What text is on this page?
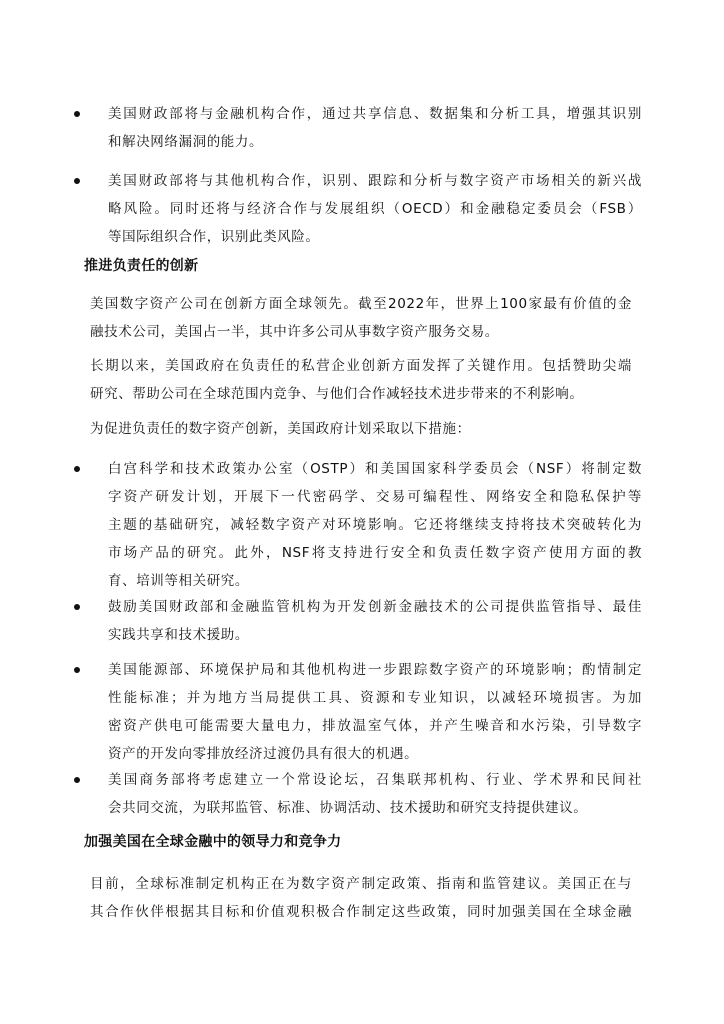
美国财政部将与金融机构合作，通过共享信息、数据集和分析工具，增强其识别
和解决网络漏洞的能力。
美国财政部将与其他机构合作，识别、跟踪和分析与数字资产市场相关的新兴战
略风险。同时还将与经济合作与发展组织（OECD）和金融稳定委员会（FSB）
等国际组织合作，识别此类风险。
推进负责任的创新
美国数字资产公司在创新方面全球领先。截至2022年，世界上100家最有价值的金
融技术公司，美国占一半，其中许多公司从事数字资产服务交易。
长期以来，美国政府在负责任的私营企业创新方面发挥了关键作用。包括赞助尖端
研究、帮助公司在全球范围内竞争、与他们合作减轻技术进步带来的不利影响。
为促进负责任的数字资产创新，美国政府计划采取以下措施：
白宫科学和技术政策办公室（OSTP）和美国国家科学委员会（NSF）将制定数
字资产研发计划，开展下一代密码学、交易可编程性、网络安全和隐私保护等
主题的基础研究，减轻数字资产对环境影响。它还将继续支持将技术突破转化为
市场产品的研究。此外，NSF将支持进行安全和负责任数字资产使用方面的教
育、培训等相关研究。
鼓励美国财政部和金融监管机构为开发创新金融技术的公司提供监管指导、最佳
实践共享和技术援助。
美国能源部、环境保护局和其他机构进一步跟踪数字资产的环境影响；酌情制定
性能标准；并为地方当局提供工具、资源和专业知识，以减轻环境损害。为加
密资产供电可能需要大量电力，排放温室气体，并产生噪音和水污染，引导数字
资产的开发向零排放经济过渡仍具有很大的机遇。
美国商务部将考虑建立一个常设论坛，召集联邦机构、行业、学术界和民间社
会共同交流，为联邦监管、标准、协调活动、技术援助和研究支持提供建议。
加强美国在全球金融中的领导力和竞争力
目前，全球标准制定机构正在为数字资产制定政策、指南和监管建议。美国正在与
其合作伙伴根据其目标和价值观积极合作制定这些政策，同时加强美国在全球金融
